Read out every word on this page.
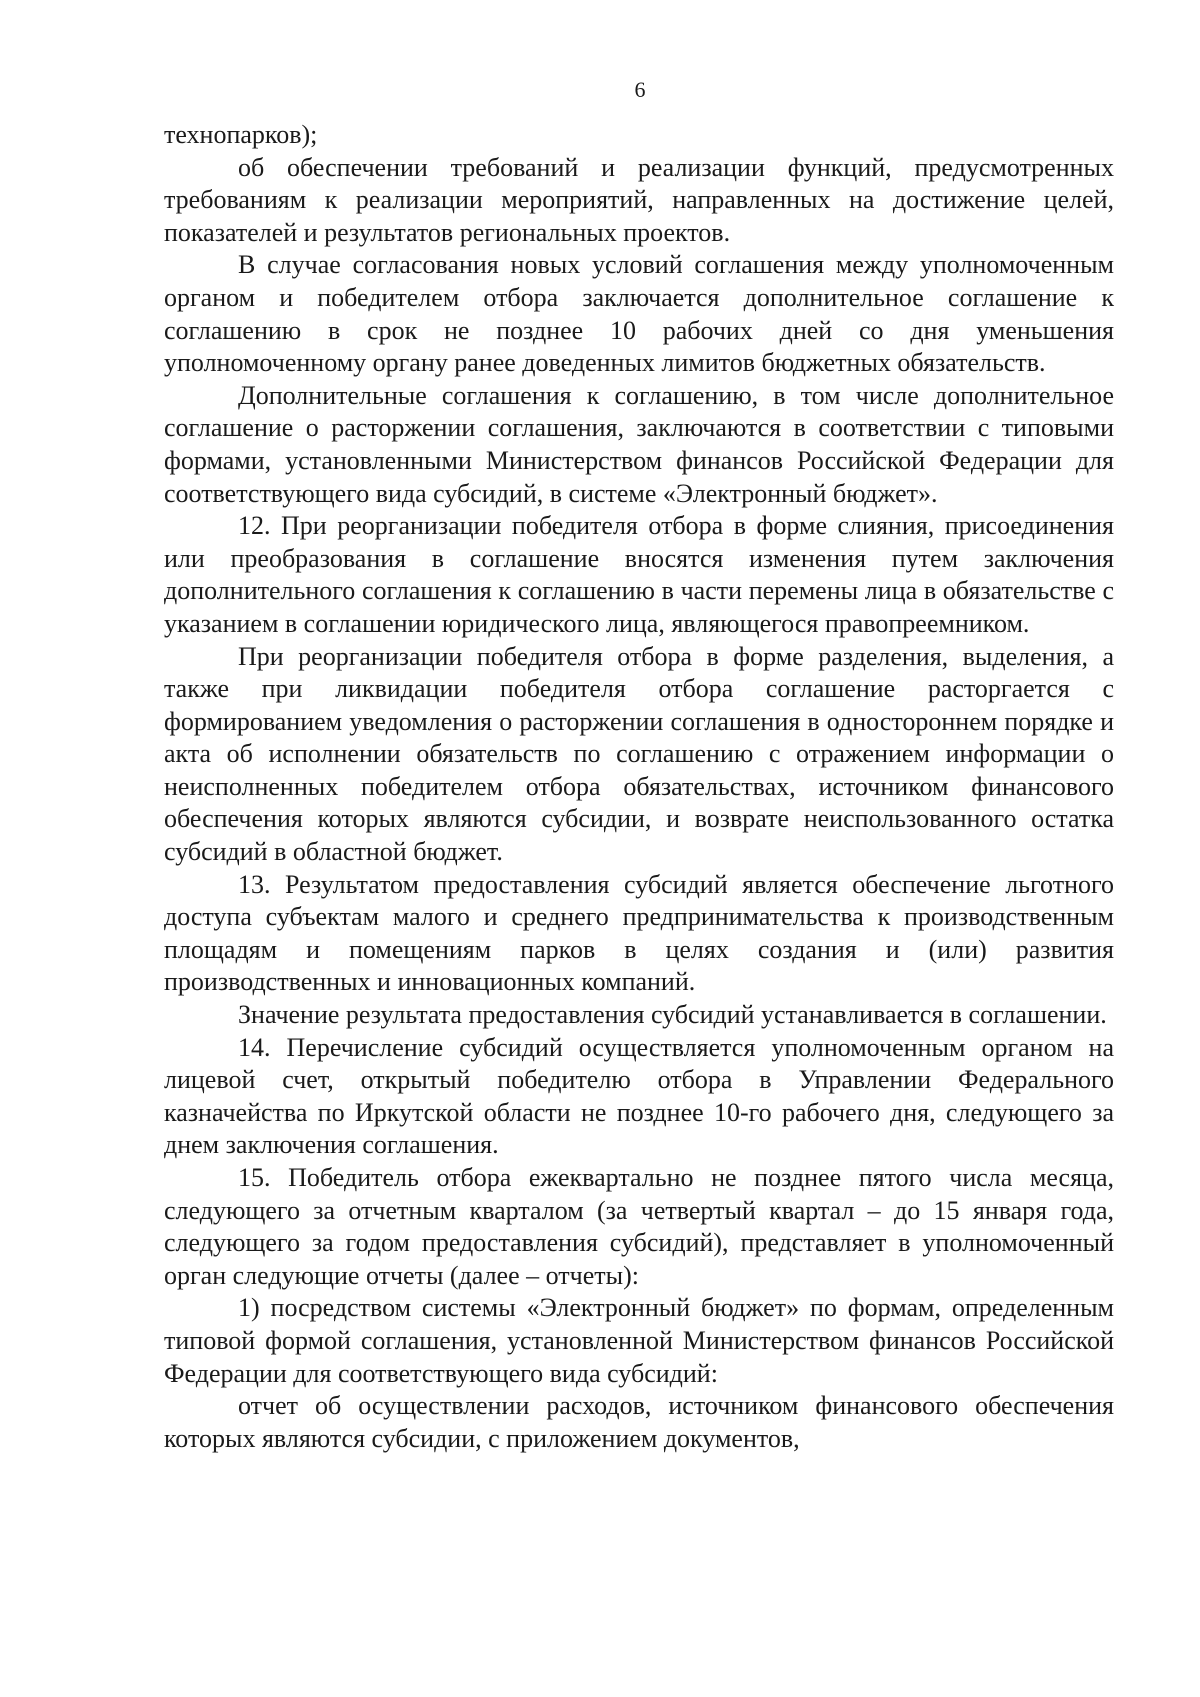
6

технопарков);

об обеспечении требований и реализации функций, предусмотренных требованиям к реализации мероприятий, направленных на достижение целей, показателей и результатов региональных проектов.

В случае согласования новых условий соглашения между уполномоченным органом и победителем отбора заключается дополнительное соглашение к соглашению в срок не позднее 10 рабочих дней со дня уменьшения уполномоченному органу ранее доведенных лимитов бюджетных обязательств.

Дополнительные соглашения к соглашению, в том числе дополнительное соглашение о расторжении соглашения, заключаются в соответствии с типовыми формами, установленными Министерством финансов Российской Федерации для соответствующего вида субсидий, в системе «Электронный бюджет».

12. При реорганизации победителя отбора в форме слияния, присоединения или преобразования в соглашение вносятся изменения путем заключения дополнительного соглашения к соглашению в части перемены лица в обязательстве с указанием в соглашении юридического лица, являющегося правопреемником.

При реорганизации победителя отбора в форме разделения, выделения, а также при ликвидации победителя отбора соглашение расторгается с формированием уведомления о расторжении соглашения в одностороннем порядке и акта об исполнении обязательств по соглашению с отражением информации о неисполненных победителем отбора обязательствах, источником финансового обеспечения которых являются субсидии, и возврате неиспользованного остатка субсидий в областной бюджет.

13. Результатом предоставления субсидий является обеспечение льготного доступа субъектам малого и среднего предпринимательства к производственным площадям и помещениям парков в целях создания и (или) развития производственных и инновационных компаний.

Значение результата предоставления субсидий устанавливается в соглашении.

14. Перечисление субсидий осуществляется уполномоченным органом на лицевой счет, открытый победителю отбора в Управлении Федерального казначейства по Иркутской области не позднее 10-го рабочего дня, следующего за днем заключения соглашения.

15. Победитель отбора ежеквартально не позднее пятого числа месяца, следующего за отчетным кварталом (за четвертый квартал – до 15 января года, следующего за годом предоставления субсидий), представляет в уполномоченный орган следующие отчеты (далее – отчеты):

1) посредством системы «Электронный бюджет» по формам, определенным типовой формой соглашения, установленной Министерством финансов Российской Федерации для соответствующего вида субсидий:

отчет об осуществлении расходов, источником финансового обеспечения которых являются субсидии, с приложением документов,
